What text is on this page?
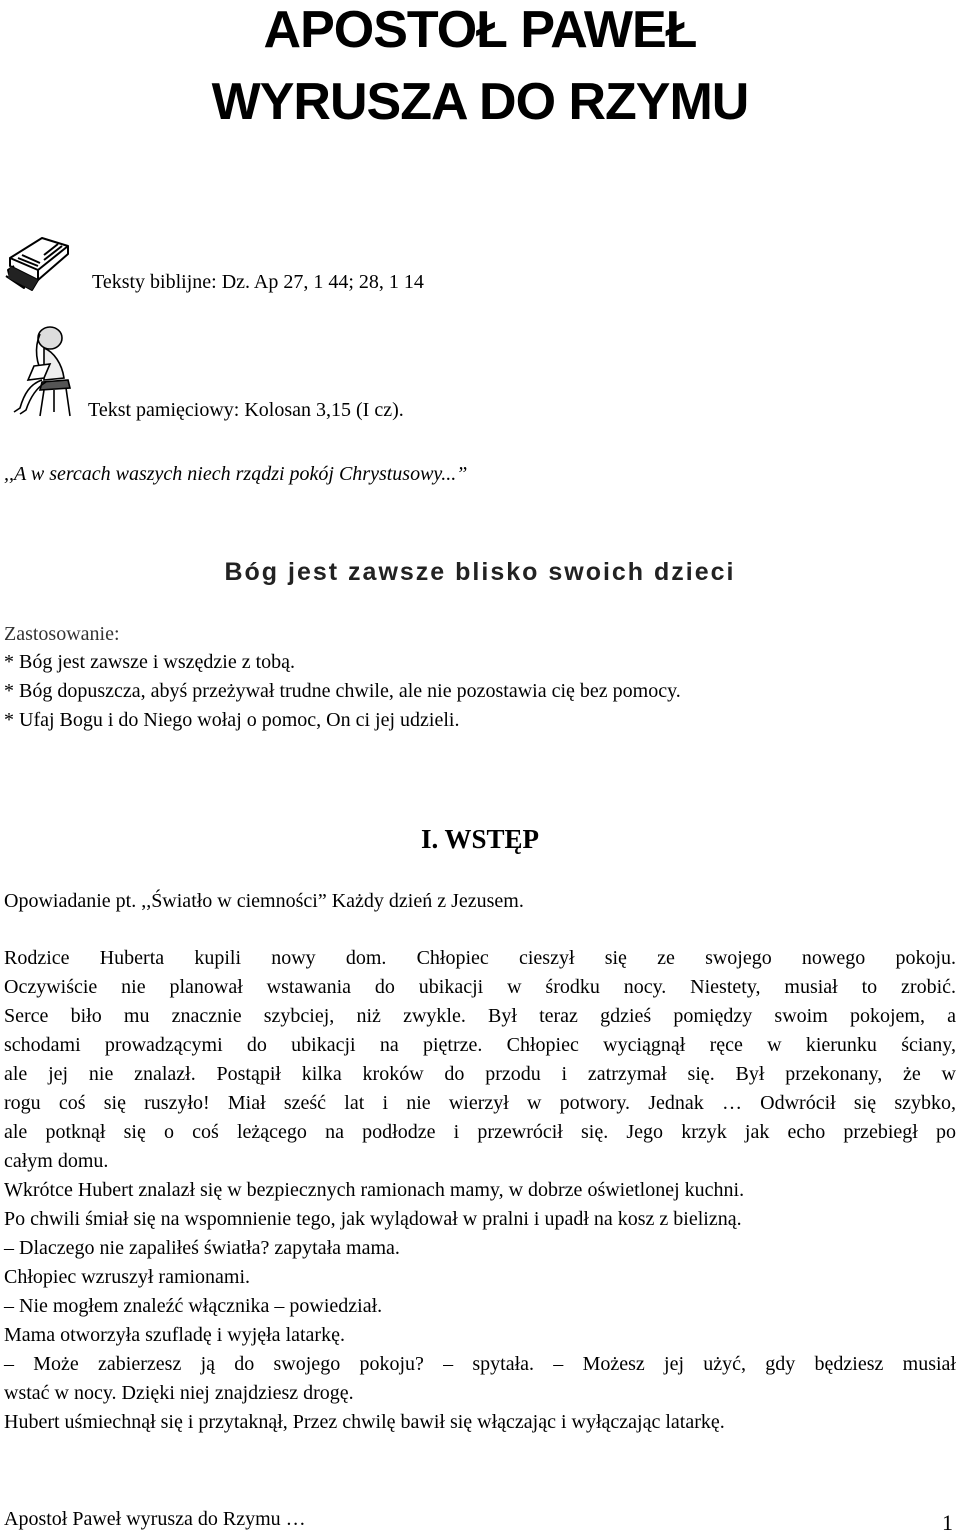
APOSTOŁ PAWEŁ
WYRUSZA DO RZYMU
Teksty biblijne: Dz. Ap 27, 1 44; 28, 1 14
Tekst pamięciowy: Kolosan 3,15 (I cz).
,,A w sercach waszych niech rządzi pokój Chrystusowy...”
Bóg jest zawsze blisko swoich dzieci
Zastosowanie:
* Bóg jest zawsze i wszędzie z tobą.
* Bóg dopuszcza, abyś przeżywał trudne chwile, ale nie pozostawia cię bez pomocy.
* Ufaj Bogu i do Niego wołaj o pomoc, On ci jej udzieli.
I. WSTĘP
Opowiadanie pt. ,,Światło w ciemności” Każdy dzień z Jezusem.
Rodzice Huberta kupili nowy dom. Chłopiec cieszył się ze swojego nowego pokoju.
Oczywiście nie planował wstawania do ubikacji w środku nocy. Niestety, musiał to zrobić.
Serce biło mu znacznie szybciej, niż zwykle. Był teraz gdzieś pomiędzy swoim pokojem, a
schodami prowadzącymi do ubikacji na piętrze. Chłopiec wyciągnął ręce w kierunku ściany,
ale jej nie znalazł. Postąpił kilka kroków do przodu i zatrzymał się. Był przekonany, że w
rogu coś się ruszyło! Miał sześć lat i nie wierzył w potwory. Jednak … Odwrócił się szybko,
ale potknął się o coś leżącego na podłodze i przewrócił się. Jego krzyk jak echo przebiegł po
całym domu.
Wkrótce Hubert znalazł się w bezpiecznych ramionach mamy, w dobrze oświetlonej kuchni.
Po chwili śmiał się na wspomnienie tego, jak wylądował w pralni i upadł na kosz z bielizną.
– Dlaczego nie zapaliłeś światła? zapytała mama.
Chłopiec wzruszył ramionami.
– Nie mogłem znaleźć włącznika – powiedział.
Mama otworzyła szufladę i wyjęła latarkę.
– Może zabierzesz ją do swojego pokoju? – spytała. – Możesz jej użyć, gdy będziesz musiał
wstać w nocy. Dzięki niej znajdziesz drogę.
Hubert uśmiechnął się i przytaknął, Przez chwilę bawił się włączając i wyłączając latarkę.
Apostoł Paweł wyrusza do Rzymu …	1
